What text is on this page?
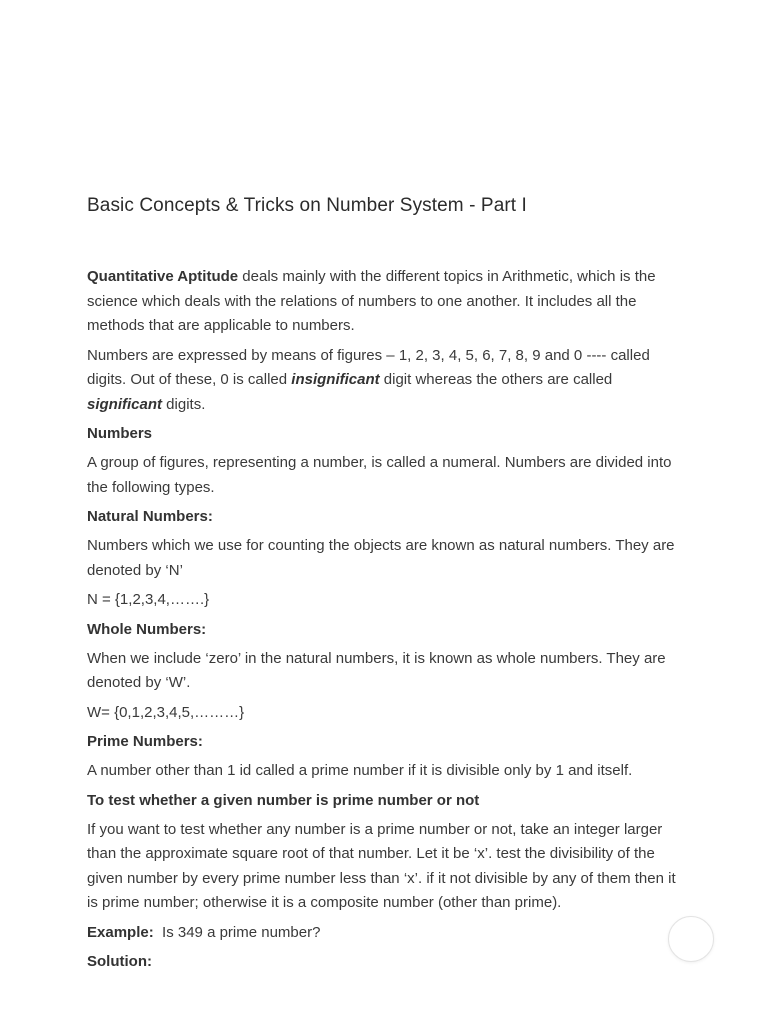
Basic Concepts & Tricks on Number System - Part I

Quantitative Aptitude deals mainly with the different topics in Arithmetic, which is the science which deals with the relations of numbers to one another. It includes all the methods that are applicable to numbers.

Numbers are expressed by means of figures – 1, 2, 3, 4, 5, 6, 7, 8, 9 and 0 ---- called digits. Out of these, 0 is called insignificant digit whereas the others are called significant digits.

Numbers

A group of figures, representing a number, is called a numeral. Numbers are divided into the following types.

Natural Numbers:

Numbers which we use for counting the objects are known as natural numbers. They are denoted by ‘N’

N = {1,2,3,4,…….}

Whole Numbers:

When we include ‘zero’ in the natural numbers, it is known as whole numbers. They are denoted by ‘W’.

W= {0,1,2,3,4,5,………}

Prime Numbers:

A number other than 1 id called a prime number if it is divisible only by 1 and itself.

To test whether a given number is prime number or not

If you want to test whether any number is a prime number or not, take an integer larger than the approximate square root of that number. Let it be ‘x’. test the divisibility of the given number by every prime number less than ‘x’. if it not divisible by any of them then it is prime number; otherwise it is a composite number (other than prime).

Example:  Is 349 a prime number?

Solution:
